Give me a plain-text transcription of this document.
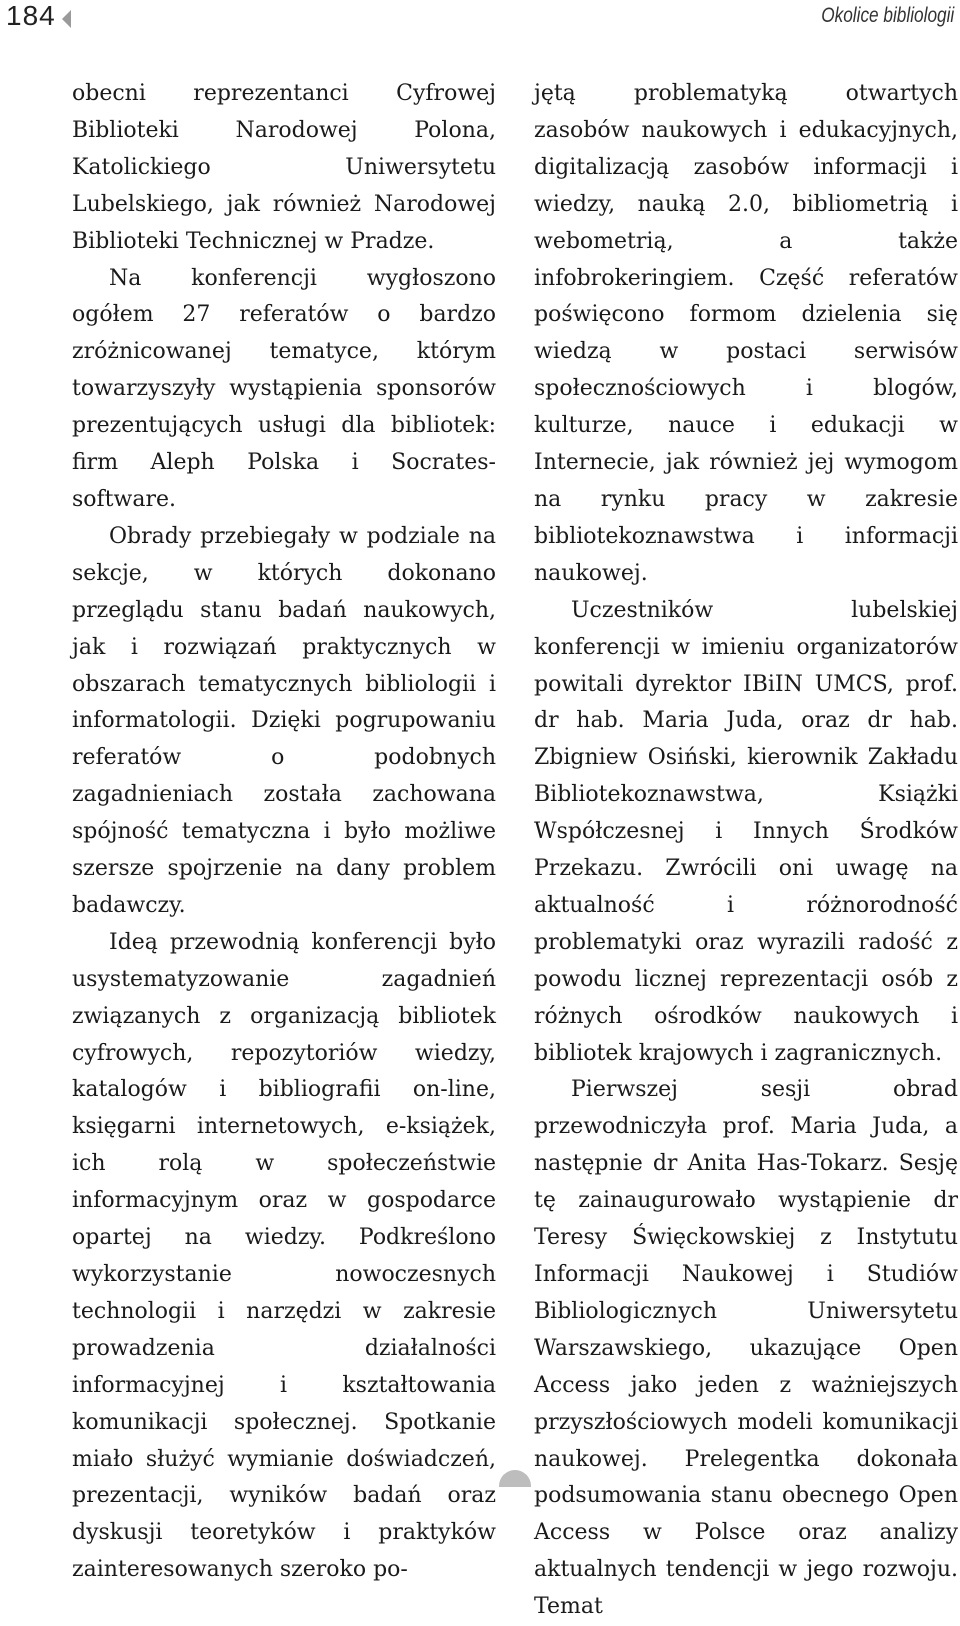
184	Okolice bibliologii

obecni reprezentanci Cyfrowej Biblioteki Narodowej Polona, Katolickiego Uniwersytetu Lubelskiego, jak również Narodowej Biblioteki Technicznej w Pradze.

Na konferencji wygłoszono ogółem 27 referatów o bardzo zróżnicowanej tematyce, którym towarzyszyły wystąpienia sponsorów prezentujących usługi dla bibliotek: firm Aleph Polska i Socrates-software.

Obrady przebiegały w podziale na sekcje, w których dokonano przeglądu stanu badań naukowych, jak i rozwiązań praktycznych w obszarach tematycznych bibliologii i informatologii. Dzięki pogrupowaniu referatów o podobnych zagadnieniach została zachowana spójność tematyczna i było możliwe szersze spojrzenie na dany problem badawczy.

Ideą przewodnią konferencji było usystematyzowanie zagadnień związanych z organizacją bibliotek cyfrowych, repozytoriów wiedzy, katalogów i bibliografii on-line, księgarni internetowych, e-książek, ich rolą w społeczeństwie informacyjnym oraz w gospodarce opartej na wiedzy. Podkreślono wykorzystanie nowoczesnych technologii i narzędzi w zakresie prowadzenia działalności informacyjnej i kształtowania komunikacji społecznej. Spotkanie miało służyć wymianie doświadczeń, prezentacji, wyników badań oraz dyskusji teoretyków i praktyków zainteresowanych szeroko po-

jętą problematyką otwartych zasobów naukowych i edukacyjnych, digitalizacją zasobów informacji i wiedzy, nauką 2.0, bibliometrią i webometrią, a także infobrokeringiem. Część referatów poświęcono formom dzielenia się wiedzą w postaci serwisów społecznościowych i blogów, kulturze, nauce i edukacji w Internecie, jak również jej wymogom na rynku pracy w zakresie bibliotekoznawstwa i informacji naukowej.

Uczestników lubelskiej konferencji w imieniu organizatorów powitali dyrektor IBiIN UMCS, prof. dr hab. Maria Juda, oraz dr hab. Zbigniew Osiński, kierownik Zakładu Bibliotekoznawstwa, Książki Współczesnej i Innych Środków Przekazu. Zwrócili oni uwagę na aktualność i różnorodność problematyki oraz wyrazili radość z powodu licznej reprezentacji osób z różnych ośrodków naukowych i bibliotek krajowych i zagranicznych.

Pierwszej sesji obrad przewodniczyła prof. Maria Juda, a następnie dr Anita Has-Tokarz. Sesję tę zainaugurowało wystąpienie dr Teresy Święckowskiej z Instytutu Informacji Naukowej i Studiów Bibliologicznych Uniwersytetu Warszawskiego, ukazujące Open Access jako jeden z ważniejszych przyszłościowych modeli komunikacji naukowej. Prelegentka dokonała podsumowania stanu obecnego Open Access w Polsce oraz analizy aktualnych tendencji w jego rozwoju. Temat
